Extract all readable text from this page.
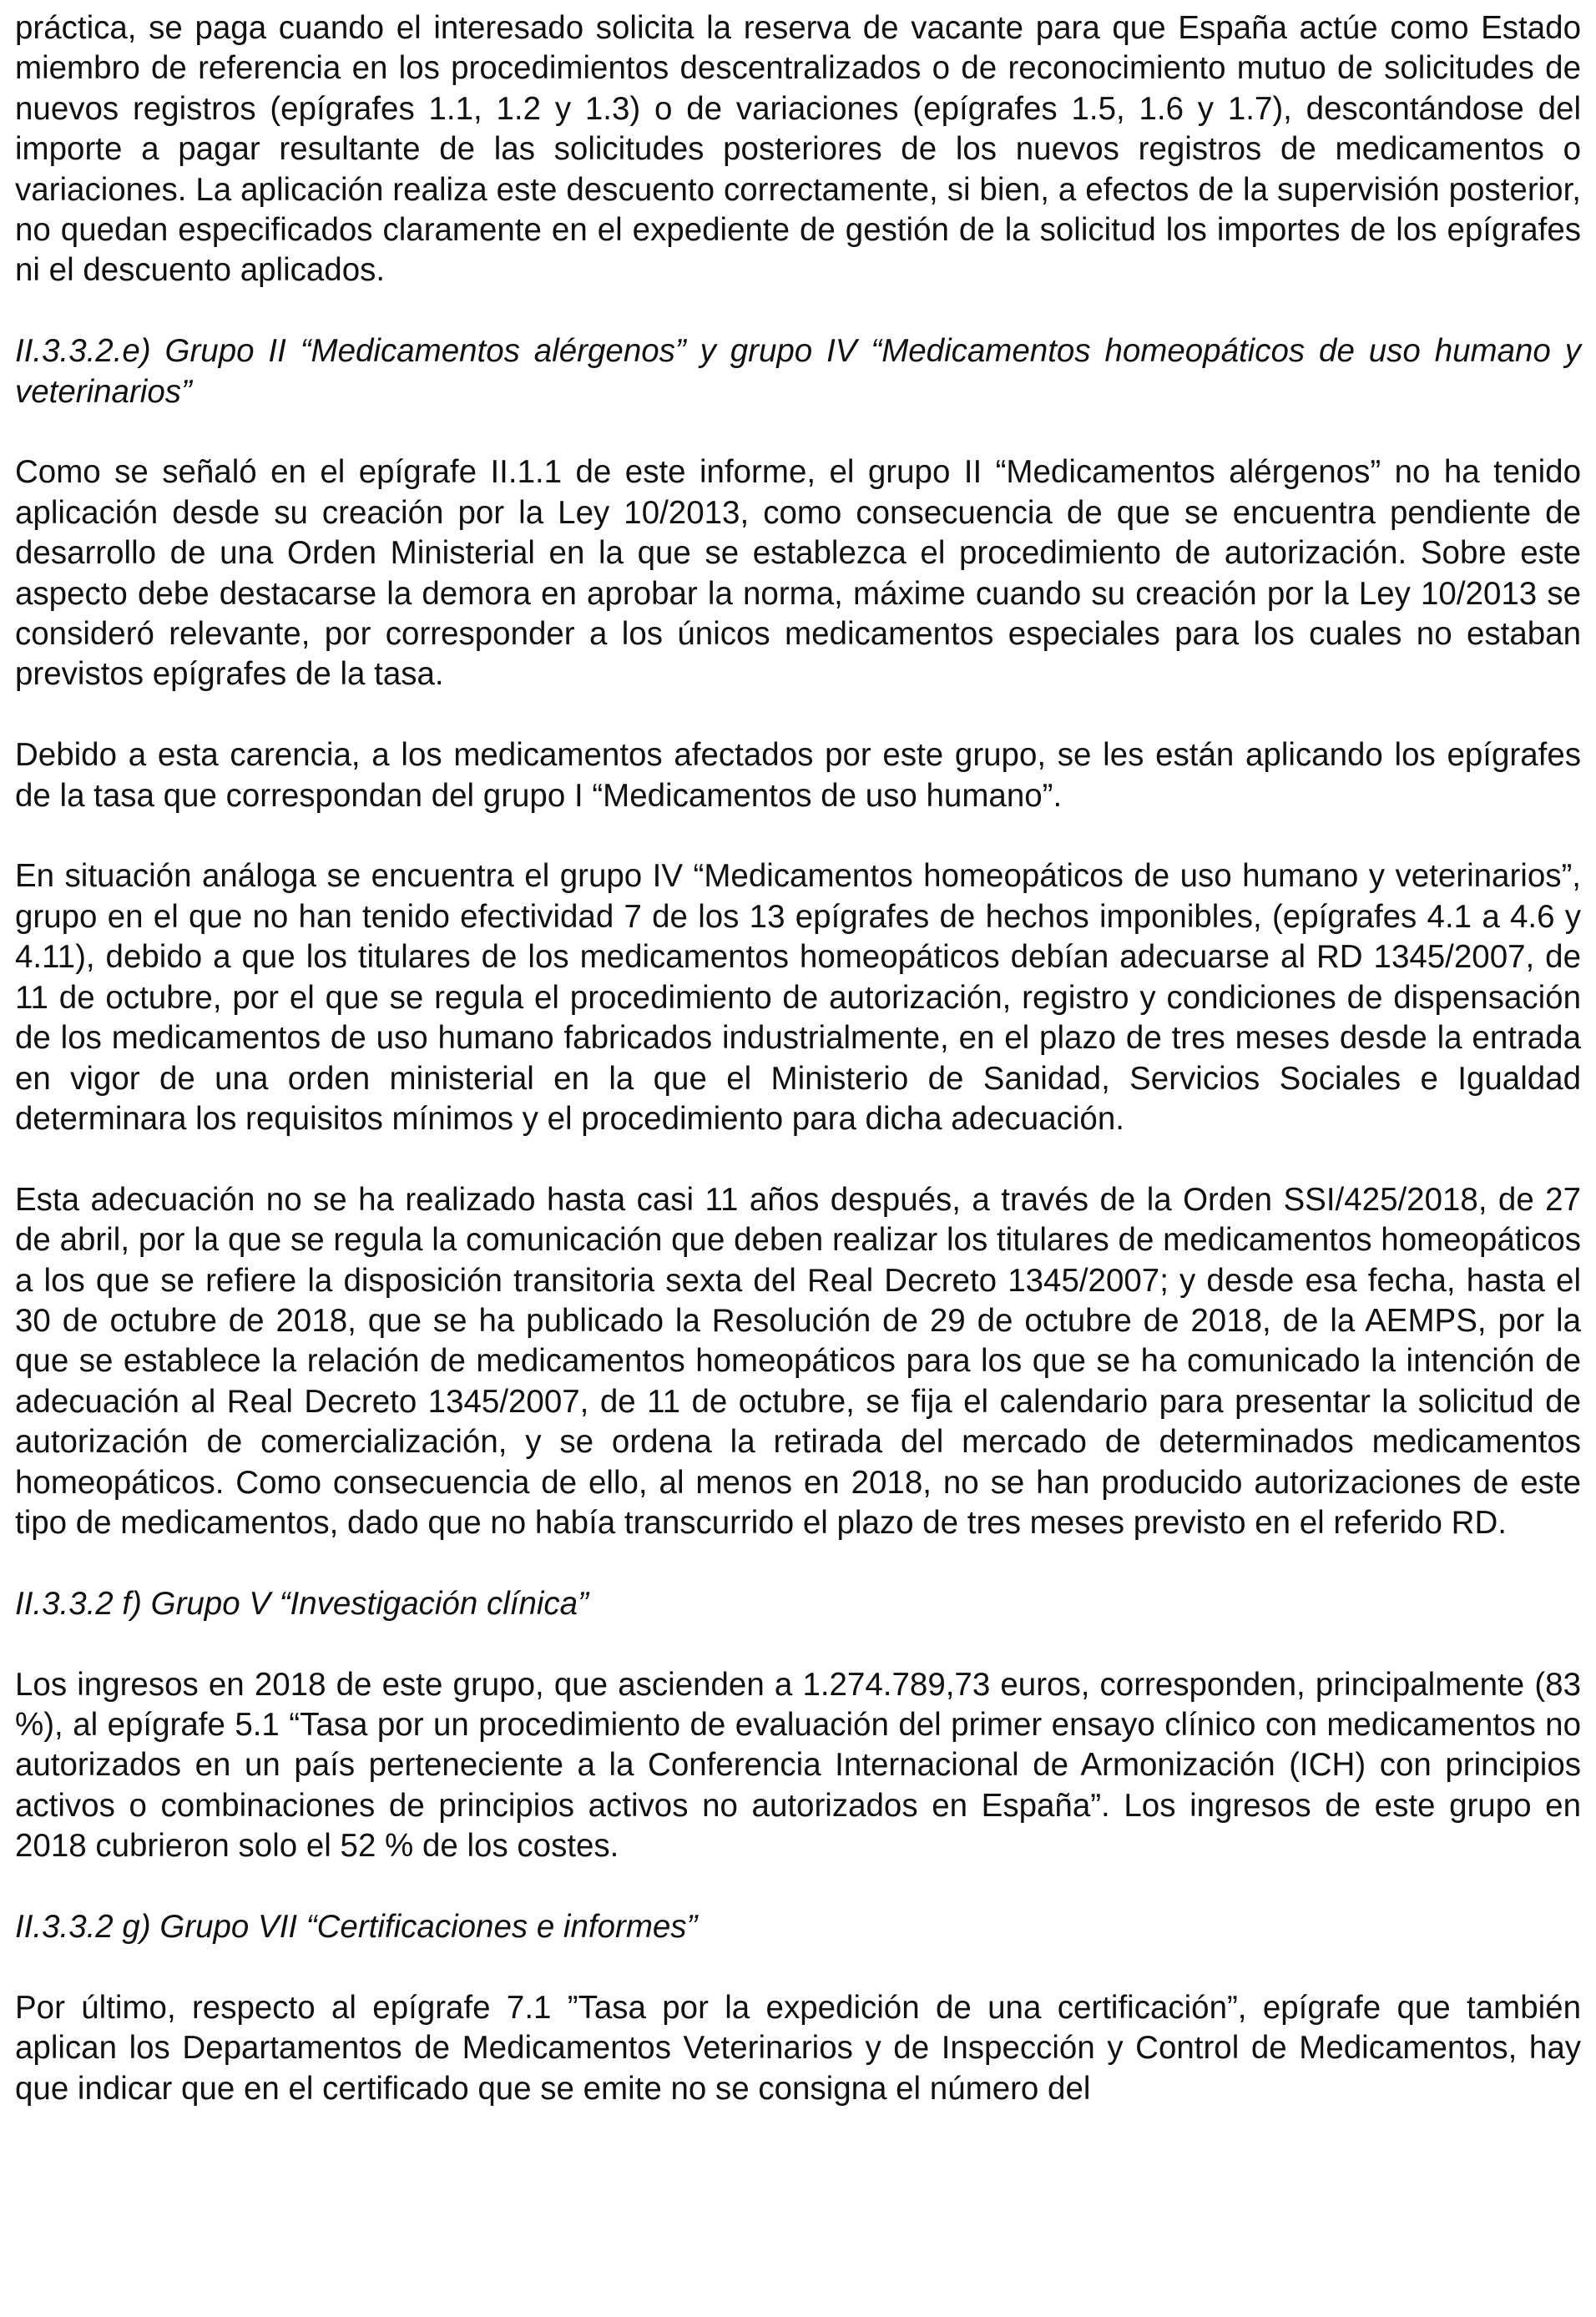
práctica, se paga cuando el interesado solicita la reserva de vacante para que España actúe como Estado miembro de referencia en los procedimientos descentralizados o de reconocimiento mutuo de solicitudes de nuevos registros (epígrafes 1.1, 1.2 y 1.3) o de variaciones (epígrafes 1.5, 1.6 y 1.7), descontándose del importe a pagar resultante de las solicitudes posteriores de los nuevos registros de medicamentos o variaciones. La aplicación realiza este descuento correctamente, si bien, a efectos de la supervisión posterior, no quedan especificados claramente en el expediente de gestión de la solicitud los importes de los epígrafes ni el descuento aplicados.

II.3.3.2.e) Grupo II “Medicamentos alérgenos” y grupo IV “Medicamentos homeopáticos de uso humano y veterinarios”

Como se señaló en el epígrafe II.1.1 de este informe, el grupo II “Medicamentos alérgenos” no ha tenido aplicación desde su creación por la Ley 10/2013, como consecuencia de que se encuentra pendiente de desarrollo de una Orden Ministerial en la que se establezca el procedimiento de autorización. Sobre este aspecto debe destacarse la demora en aprobar la norma, máxime cuando su creación por la Ley 10/2013 se consideró relevante, por corresponder a los únicos medicamentos especiales para los cuales no estaban previstos epígrafes de la tasa.

Debido a esta carencia, a los medicamentos afectados por este grupo, se les están aplicando los epígrafes de la tasa que correspondan del grupo I “Medicamentos de uso humano”.

En situación análoga se encuentra el grupo IV “Medicamentos homeopáticos de uso humano y veterinarios”, grupo en el que no han tenido efectividad 7 de los 13 epígrafes de hechos imponibles, (epígrafes 4.1 a 4.6 y 4.11), debido a que los titulares de los medicamentos homeopáticos debían adecuarse al RD 1345/2007, de 11 de octubre, por el que se regula el procedimiento de autorización, registro y condiciones de dispensación de los medicamentos de uso humano fabricados industrialmente, en el plazo de tres meses desde la entrada en vigor de una orden ministerial en la que el Ministerio de Sanidad, Servicios Sociales e Igualdad determinara los requisitos mínimos y el procedimiento para dicha adecuación.

Esta adecuación no se ha realizado hasta casi 11 años después, a través de la Orden SSI/425/2018, de 27 de abril, por la que se regula la comunicación que deben realizar los titulares de medicamentos homeopáticos a los que se refiere la disposición transitoria sexta del Real Decreto 1345/2007; y desde esa fecha, hasta el 30 de octubre de 2018, que se ha publicado la Resolución de 29 de octubre de 2018, de la AEMPS, por la que se establece la relación de medicamentos homeopáticos para los que se ha comunicado la intención de adecuación al Real Decreto 1345/2007, de 11 de octubre, se fija el calendario para presentar la solicitud de autorización de comercialización, y se ordena la retirada del mercado de determinados medicamentos homeopáticos. Como consecuencia de ello, al menos en 2018, no se han producido autorizaciones de este tipo de medicamentos, dado que no había transcurrido el plazo de tres meses previsto en el referido RD.

II.3.3.2 f) Grupo V “Investigación clínica”

Los ingresos en 2018 de este grupo, que ascienden a 1.274.789,73 euros, corresponden, principalmente (83 %), al epígrafe 5.1 “Tasa por un procedimiento de evaluación del primer ensayo clínico con medicamentos no autorizados en un país perteneciente a la Conferencia Internacional de Armonización (ICH) con principios activos o combinaciones de principios activos no autorizados en España”. Los ingresos de este grupo en 2018 cubrieron solo el 52 % de los costes.

II.3.3.2 g) Grupo VII “Certificaciones e informes”

Por último, respecto al epígrafe 7.1 ”Tasa por la expedición de una certificación”, epígrafe que también aplican los Departamentos de Medicamentos Veterinarios y de Inspección y Control de Medicamentos, hay que indicar que en el certificado que se emite no se consigna el número del
